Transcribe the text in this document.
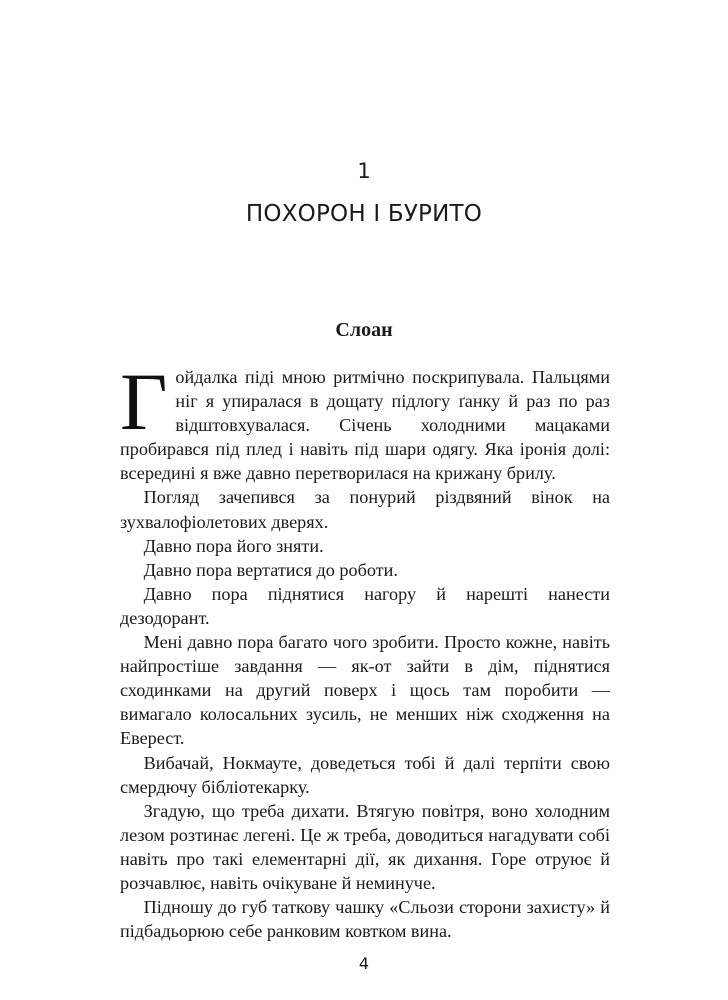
1
ПОХОРОН І БУРИТО
Слоан

Гойдалка піді мною ритмічно поскрипувала. Пальцями ніг я упиралася в дощату підлогу ґанку й раз по раз відштовхувалася. Січень холодними мацаками пробирався під плед і навіть під шари одягу. Яка іронія долі: всередині я вже давно перетворилася на крижану брилу.

Погляд зачепився за понурий різдвяний вінок на зухвалофіолетових дверях.

Давно пора його зняти.

Давно пора вертатися до роботи.

Давно пора піднятися нагору й нарешті нанести дезодорант.

Мені давно пора багато чого зробити. Просто кожне, навіть найпростіше завдання — як-от зайти в дім, піднятися сходинками на другий поверх і щось там поробити — вимагало колосальних зусиль, не менших ніж сходження на Еверест.

Вибачай, Нокмауте, доведеться тобі й далі терпіти свою смердючу бібліотекарку.

Згадую, що треба дихати. Втягую повітря, воно холодним лезом розтинає легені. Це ж треба, доводиться нагадувати собі навіть про такі елементарні дії, як дихання. Горе отруює й розчавлює, навіть очікуване й неминуче.

Підношу до губ таткову чашку «Сльози сторони захисту» й підбадьорюю себе ранковим ковтком вина.

4
